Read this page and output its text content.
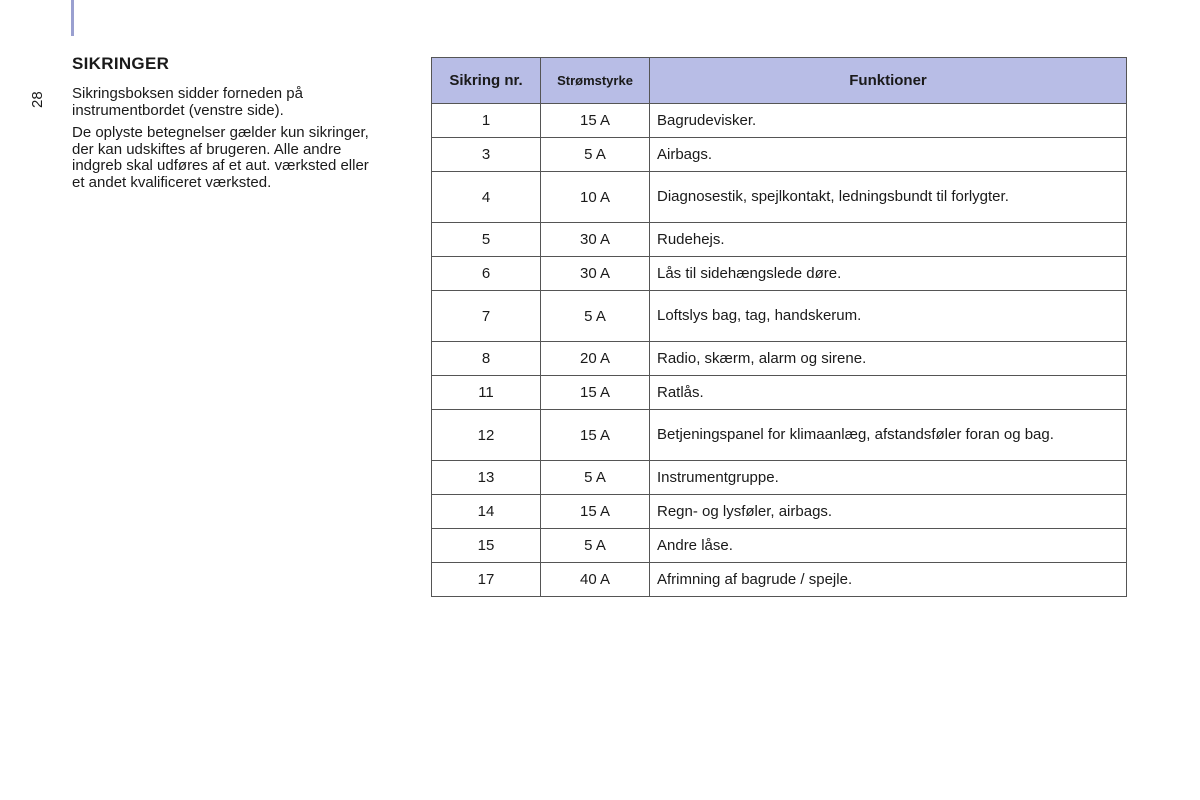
28
SIKRINGER

Sikringsboksen sidder forneden på instrumentbordet (venstre side).

De oplyste betegnelser gælder kun sikringer, der kan udskiftes af brugeren. Alle andre indgreb skal udføres af et aut. værksted eller et andet kvalificeret værksted.

Sikring nr.	Strømstyrke	Funktioner
1	15 A	Bagrudevisker.
3	5 A	Airbags.
4	10 A	Diagnosestik, spejlkontakt, ledningsbundt til forlygter.
5	30 A	Rudehejs.
6	30 A	Lås til sidehængslede døre.
7	5 A	Loftslys bag, tag, handskerum.
8	20 A	Radio, skærm, alarm og sirene.
11	15 A	Ratlås.
12	15 A	Betjeningspanel for klimaanlæg, afstandsføler foran og bag.
13	5 A	Instrumentgruppe.
14	15 A	Regn- og lysføler, airbags.
15	5 A	Andre låse.
17	40 A	Afrimning af bagrude / spejle.
